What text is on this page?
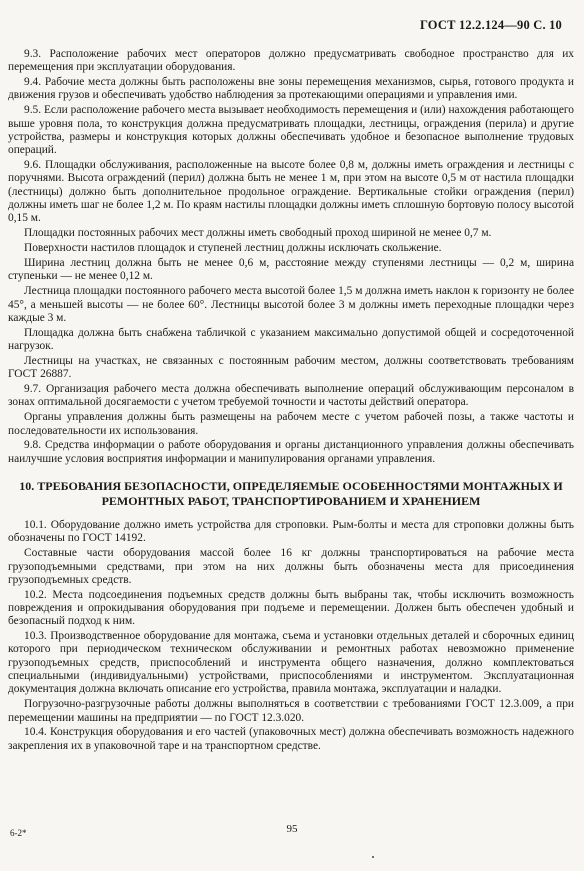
ГОСТ 12.2.124—90 С. 10

9.3. Расположение рабочих мест операторов должно предусматривать свободное пространство для их перемещения при эксплуатации оборудования.

9.4. Рабочие места должны быть расположены вне зоны перемещения механизмов, сырья, готового продукта и движения грузов и обеспечивать удобство наблюдения за протекающими операциями и управления ими.

9.5. Если расположение рабочего места вызывает необходимость перемещения и (или) нахождения работающего выше уровня пола, то конструкция должна предусматривать площадки, лестницы, ограждения (перила) и другие устройства, размеры и конструкция которых должны обеспечивать удобное и безопасное выполнение трудовых операций.

9.6. Площадки обслуживания, расположенные на высоте более 0,8 м, должны иметь ограждения и лестницы с поручнями. Высота ограждений (перил) должна быть не менее 1 м, при этом на высоте 0,5 м от настила площадки (лестницы) должно быть дополнительное продольное ограждение. Вертикальные стойки ограждения (перил) должны иметь шаг не более 1,2 м. По краям настилы площадки должны иметь сплошную бортовую полосу высотой 0,15 м.

Площадки постоянных рабочих мест должны иметь свободный проход шириной не менее 0,7 м.

Поверхности настилов площадок и ступеней лестниц должны исключать скольжение.

Ширина лестниц должна быть не менее 0,6 м, расстояние между ступенями лестницы — 0,2 м, ширина ступеньки — не менее 0,12 м.

Лестница площадки постоянного рабочего места высотой более 1,5 м должна иметь наклон к горизонту не более 45°, а меньшей высоты — не более 60°. Лестницы высотой более 3 м должны иметь переходные площадки через каждые 3 м.

Площадка должна быть снабжена табличкой с указанием максимально допустимой общей и сосредоточенной нагрузок.

Лестницы на участках, не связанных с постоянным рабочим местом, должны соответствовать требованиям ГОСТ 26887.

9.7. Организация рабочего места должна обеспечивать выполнение операций обслуживающим персоналом в зонах оптимальной досягаемости с учетом требуемой точности и частоты действий оператора.

Органы управления должны быть размещены на рабочем месте с учетом рабочей позы, а также частоты и последовательности их использования.

9.8. Средства информации о работе оборудования и органы дистанционного управления должны обеспечивать наилучшие условия восприятия информации и манипулирования органами управления.

10. ТРЕБОВАНИЯ БЕЗОПАСНОСТИ, ОПРЕДЕЛЯЕМЫЕ ОСОБЕННОСТЯМИ МОНТАЖНЫХ И РЕМОНТНЫХ РАБОТ, ТРАНСПОРТИРОВАНИЕМ И ХРАНЕНИЕМ

10.1. Оборудование должно иметь устройства для строповки. Рым-болты и места для строповки должны быть обозначены по ГОСТ 14192.

Составные части оборудования массой более 16 кг должны транспортироваться на рабочие места грузоподъемными средствами, при этом на них должны быть обозначены места для присоединения грузоподъемных средств.

10.2. Места подсоединения подъемных средств должны быть выбраны так, чтобы исключить возможность повреждения и опрокидывания оборудования при подъеме и перемещении. Должен быть обеспечен удобный и безопасный подход к ним.

10.3. Производственное оборудование для монтажа, съема и установки отдельных деталей и сборочных единиц которого при периодическом техническом обслуживании и ремонтных работах невозможно применение грузоподъемных средств, приспособлений и инструмента общего назначения, должно комплектоваться специальными (индивидуальными) устройствами, приспособлениями и инструментом. Эксплуатационная документация должна включать описание его устройства, правила монтажа, эксплуатации и наладки.

Погрузочно-разгрузочные работы должны выполняться в соответствии с требованиями ГОСТ 12.3.009, а при перемещении машины на предприятии — по ГОСТ 12.3.020.

10.4. Конструкция оборудования и его частей (упаковочных мест) должна обеспечивать возможность надежного закрепления их в упаковочной таре и на транспортном средстве.

6-2*	95
